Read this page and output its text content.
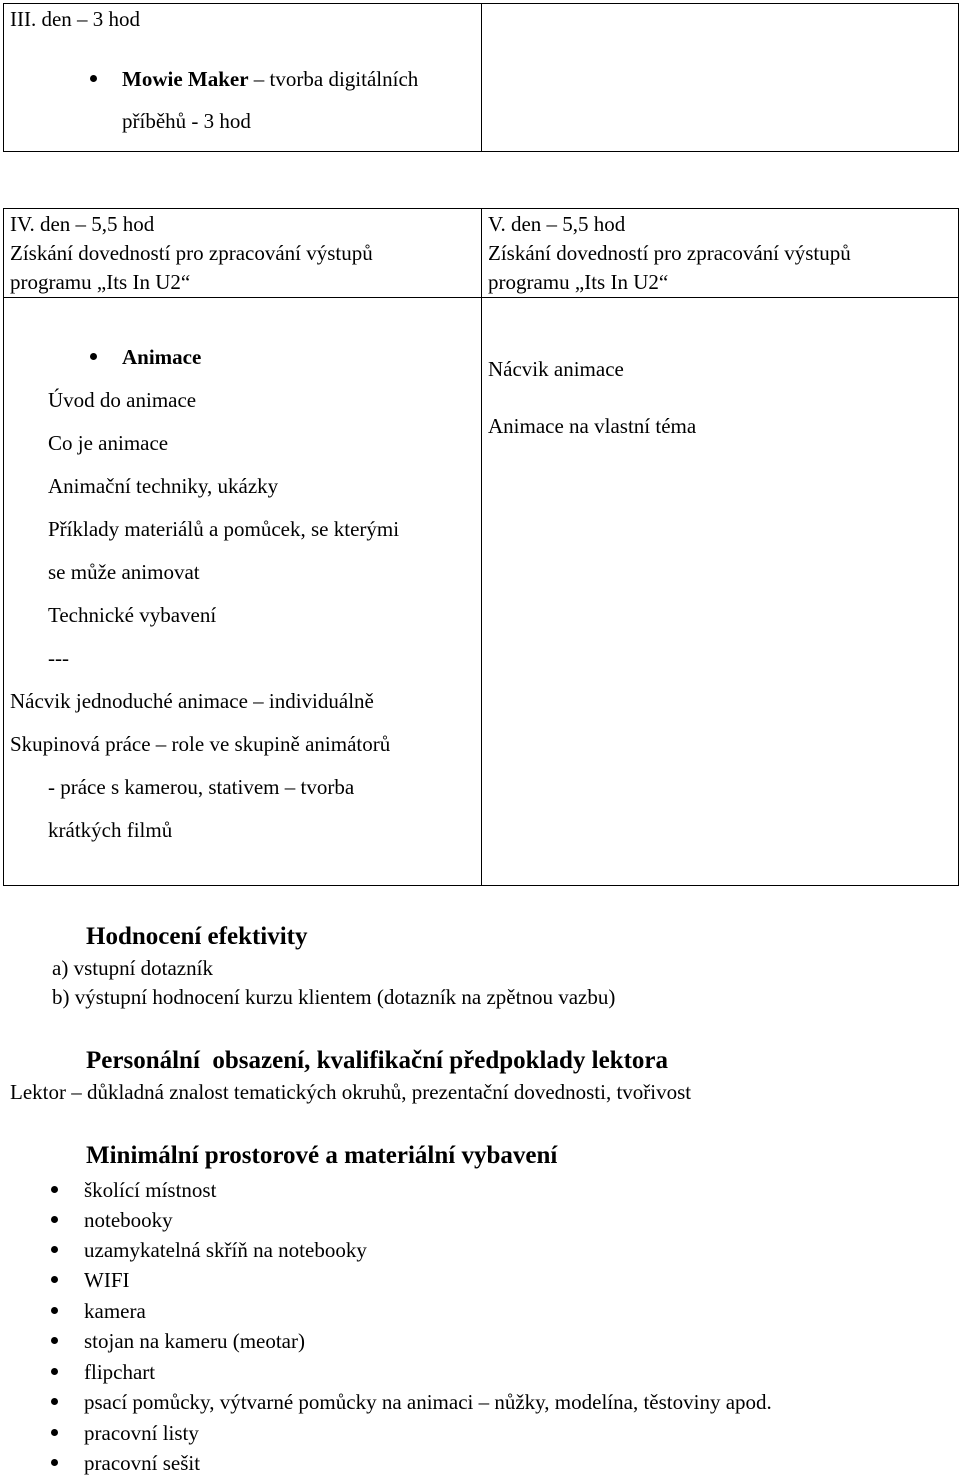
III. den – 3 hod
Mowie Maker – tvorba digitálních
příběhů - 3 hod
IV. den – 5,5 hod
Získání dovedností pro zpracování výstupů
programu „Its In U2“
V. den – 5,5 hod
Získání dovedností pro zpracování výstupů
programu „Its In U2“
Animace
Úvod do animace
Co je animace
Animační techniky, ukázky
Příklady materiálů a pomůcek, se kterými
se může animovat
Technické vybavení
---
Nácvik jednoduché animace – individuálně
Skupinová práce – role ve skupině animátorů
- práce s kamerou, stativem – tvorba
krátkých filmů
Nácvik animace
Animace na vlastní téma
Hodnocení efektivity
a) vstupní dotazník
b) výstupní hodnocení kurzu klientem (dotazník na zpětnou vazbu)
Personální  obsazení, kvalifikační předpoklady lektora
Lektor – důkladná znalost tematických okruhů, prezentační dovednosti, tvořivost
Minimální prostorové a materiální vybavení
školící místnost
notebooky
uzamykatelná skříň na notebooky
WIFI
kamera
stojan na kameru (meotar)
flipchart
psací pomůcky, výtvarné pomůcky na animaci – nůžky, modelína, těstoviny apod.
pracovní listy
pracovní sešit
